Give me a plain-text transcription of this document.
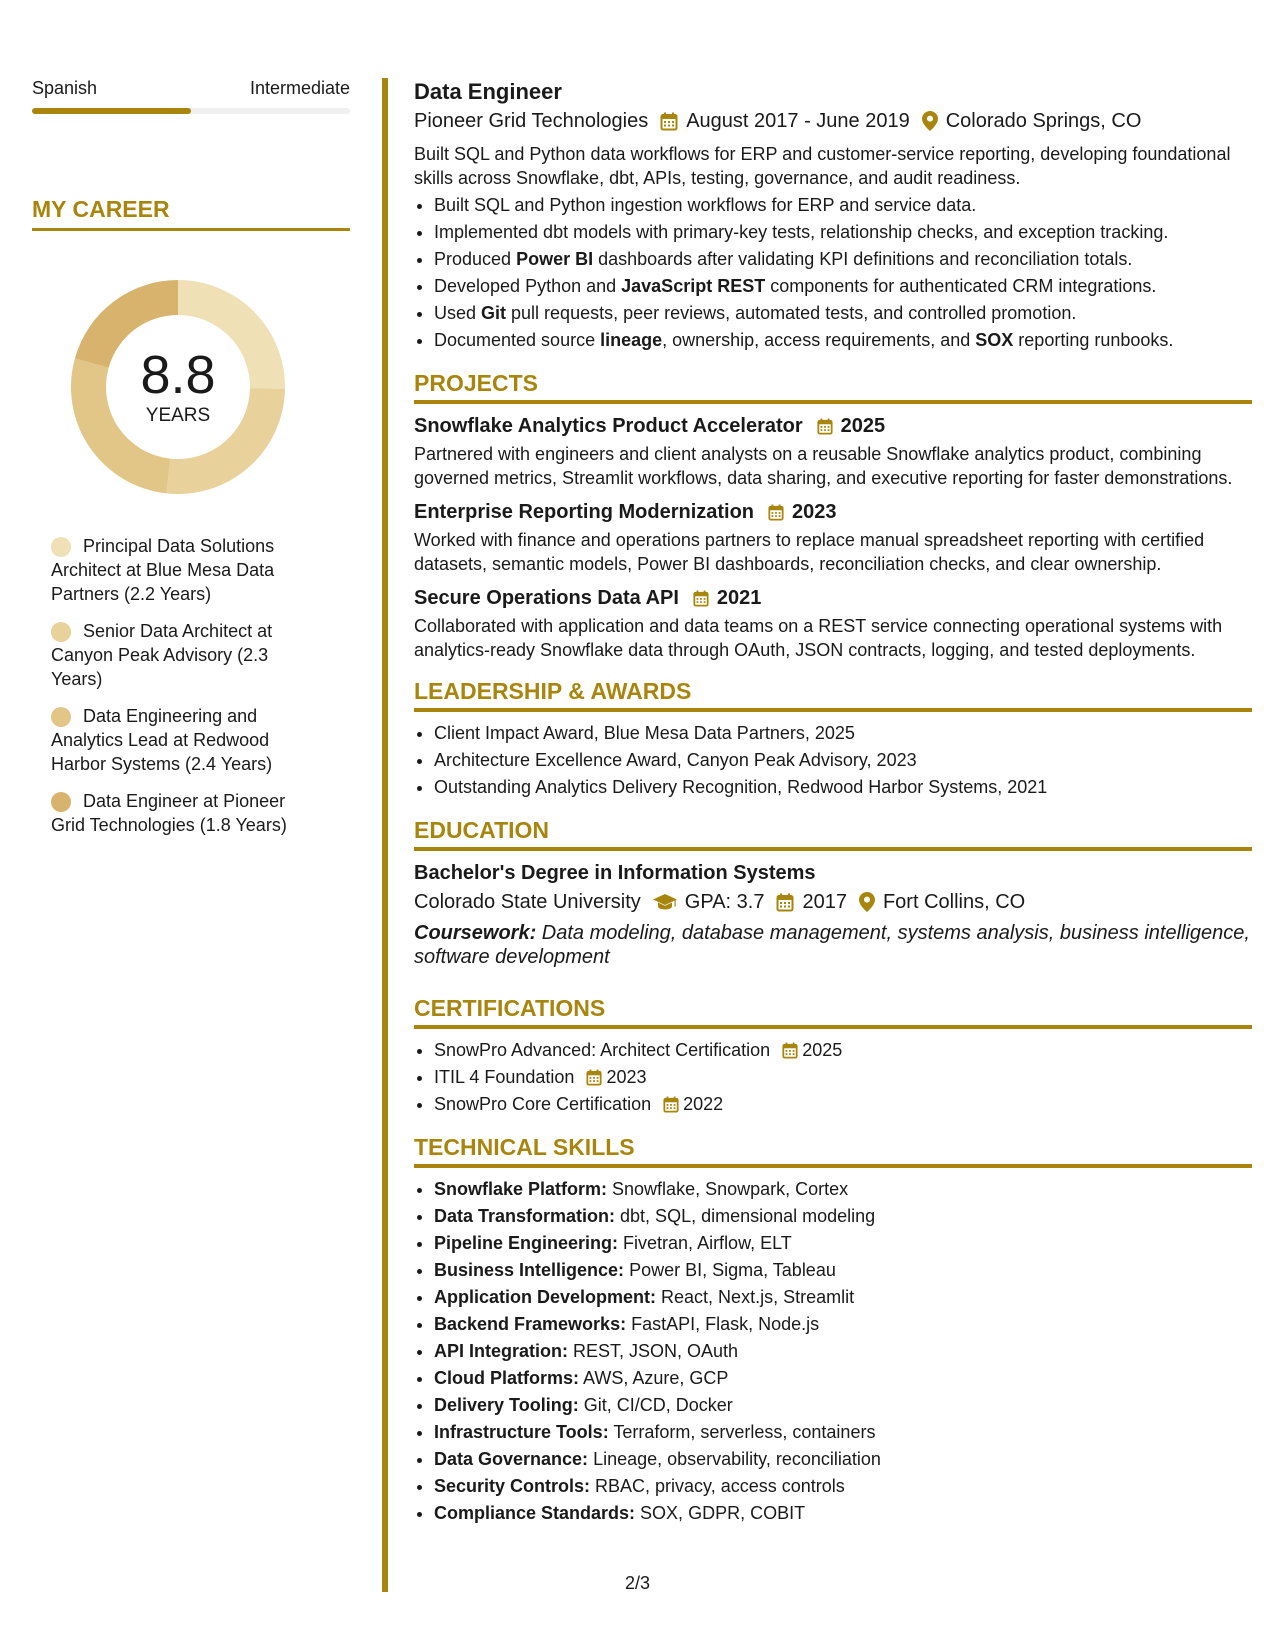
Spanish	Intermediate
MY CAREER
8.8
YEARS
Principal Data Solutions Architect at Blue Mesa Data Partners (2.2 Years)
Senior Data Architect at Canyon Peak Advisory (2.3 Years)
Data Engineering and Analytics Lead at Redwood Harbor Systems (2.4 Years)
Data Engineer at Pioneer Grid Technologies (1.8 Years)
Data Engineer
Pioneer Grid Technologies August 2017 - June 2019 Colorado Springs, CO
Built SQL and Python data workflows for ERP and customer-service reporting, developing foundational skills across Snowflake, dbt, APIs, testing, governance, and audit readiness.
• Built SQL and Python ingestion workflows for ERP and service data.
• Implemented dbt models with primary-key tests, relationship checks, and exception tracking.
• Produced Power BI dashboards after validating KPI definitions and reconciliation totals.
• Developed Python and JavaScript REST components for authenticated CRM integrations.
• Used Git pull requests, peer reviews, automated tests, and controlled promotion.
• Documented source lineage, ownership, access requirements, and SOX reporting runbooks.
PROJECTS
Snowflake Analytics Product Accelerator 2025
Partnered with engineers and client analysts on a reusable Snowflake analytics product, combining governed metrics, Streamlit workflows, data sharing, and executive reporting for faster demonstrations.
Enterprise Reporting Modernization 2023
Worked with finance and operations partners to replace manual spreadsheet reporting with certified datasets, semantic models, Power BI dashboards, reconciliation checks, and clear ownership.
Secure Operations Data API 2021
Collaborated with application and data teams on a REST service connecting operational systems with analytics-ready Snowflake data through OAuth, JSON contracts, logging, and tested deployments.
LEADERSHIP & AWARDS
• Client Impact Award, Blue Mesa Data Partners, 2025
• Architecture Excellence Award, Canyon Peak Advisory, 2023
• Outstanding Analytics Delivery Recognition, Redwood Harbor Systems, 2021
EDUCATION
Bachelor's Degree in Information Systems
Colorado State University GPA: 3.7 2017 Fort Collins, CO
Coursework: Data modeling, database management, systems analysis, business intelligence, software development
CERTIFICATIONS
• SnowPro Advanced: Architect Certification 2025
• ITIL 4 Foundation 2023
• SnowPro Core Certification 2022
TECHNICAL SKILLS
• Snowflake Platform: Snowflake, Snowpark, Cortex
• Data Transformation: dbt, SQL, dimensional modeling
• Pipeline Engineering: Fivetran, Airflow, ELT
• Business Intelligence: Power BI, Sigma, Tableau
• Application Development: React, Next.js, Streamlit
• Backend Frameworks: FastAPI, Flask, Node.js
• API Integration: REST, JSON, OAuth
• Cloud Platforms: AWS, Azure, GCP
• Delivery Tooling: Git, CI/CD, Docker
• Infrastructure Tools: Terraform, serverless, containers
• Data Governance: Lineage, observability, reconciliation
• Security Controls: RBAC, privacy, access controls
• Compliance Standards: SOX, GDPR, COBIT
2/3
